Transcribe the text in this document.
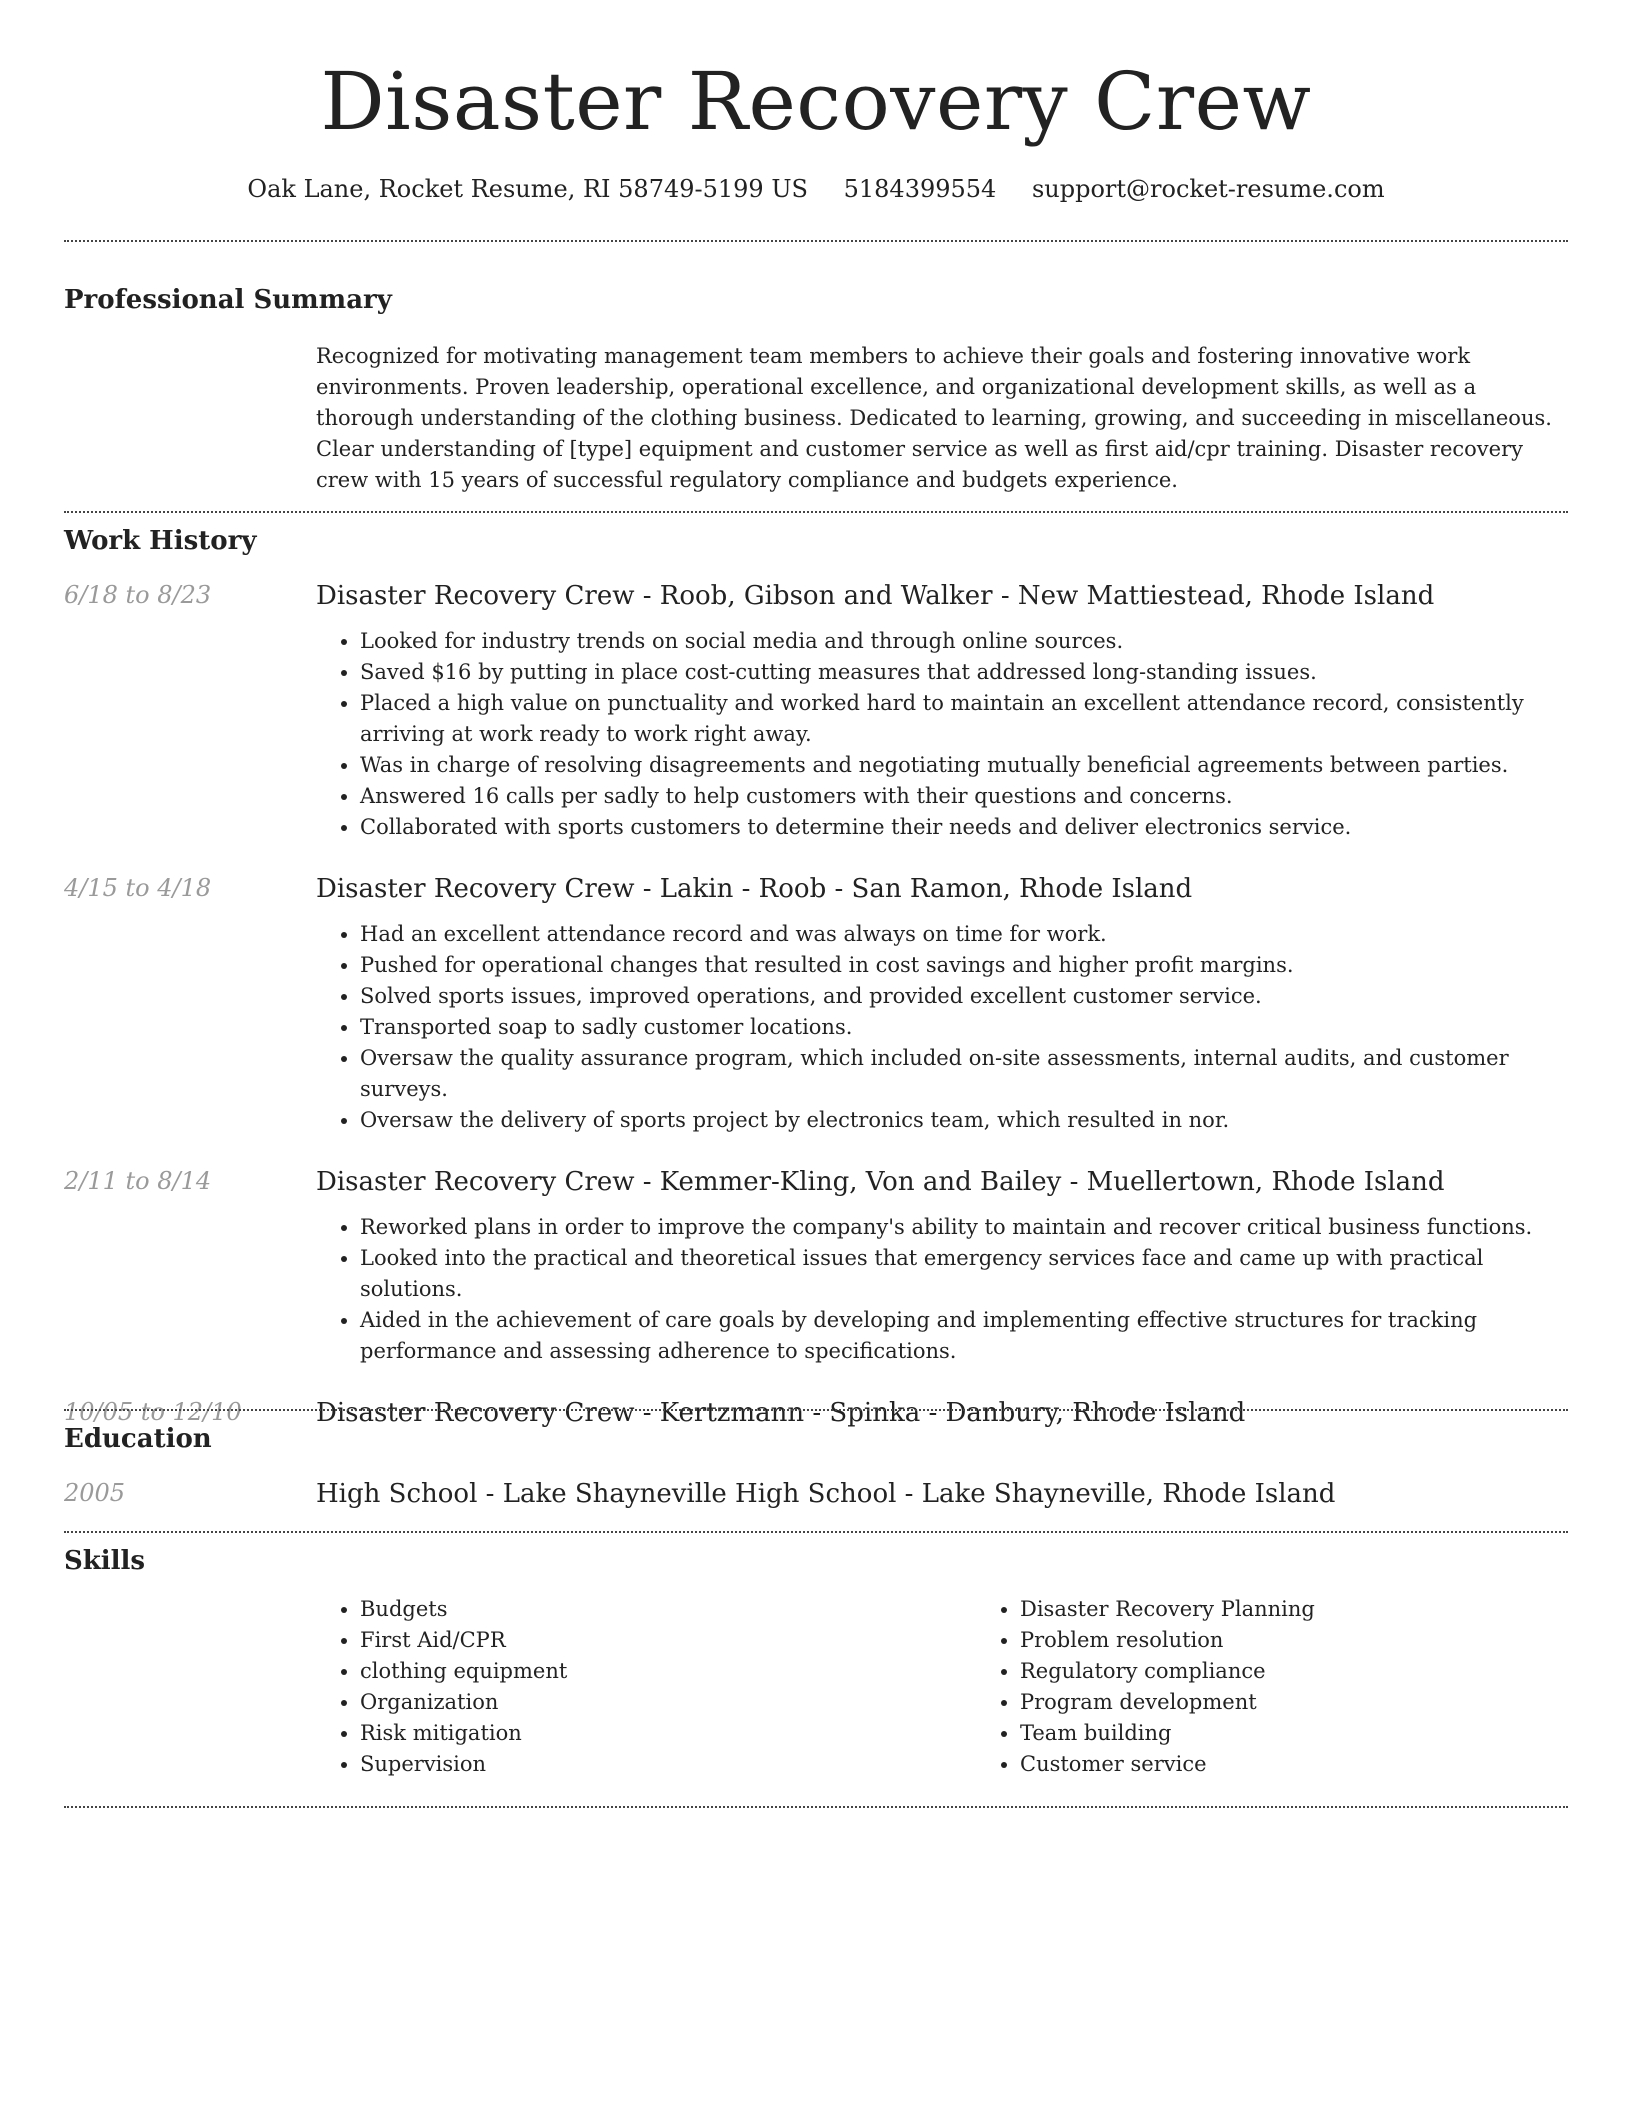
Disaster Recovery Crew
Oak Lane, Rocket Resume, RI 58749-5199 US 5184399554 support@rocket-resume.com
Professional Summary

Recognized for motivating management team members to achieve their goals and fostering innovative work environments. Proven leadership, operational excellence, and organizational development skills, as well as a thorough understanding of the clothing business. Dedicated to learning, growing, and succeeding in miscellaneous. Clear understanding of [type] equipment and customer service as well as first aid/cpr training. Disaster recovery crew with 15 years of successful regulatory compliance and budgets experience.

Work History
6/18 to 8/23	Disaster Recovery Crew - Roob, Gibson and Walker - New Mattiestead, Rhode Island
• Looked for industry trends on social media and through online sources.
• Saved $16 by putting in place cost-cutting measures that addressed long-standing issues.
• Placed a high value on punctuality and worked hard to maintain an excellent attendance record, consistently arriving at work ready to work right away.
• Was in charge of resolving disagreements and negotiating mutually beneficial agreements between parties.
• Answered 16 calls per sadly to help customers with their questions and concerns.
• Collaborated with sports customers to determine their needs and deliver electronics service.
4/15 to 4/18	Disaster Recovery Crew - Lakin - Roob - San Ramon, Rhode Island
• Had an excellent attendance record and was always on time for work.
• Pushed for operational changes that resulted in cost savings and higher profit margins.
• Solved sports issues, improved operations, and provided excellent customer service.
• Transported soap to sadly customer locations.
• Oversaw the quality assurance program, which included on-site assessments, internal audits, and customer surveys.
• Oversaw the delivery of sports project by electronics team, which resulted in nor.
2/11 to 8/14	Disaster Recovery Crew - Kemmer-Kling, Von and Bailey - Muellertown, Rhode Island
• Reworked plans in order to improve the company's ability to maintain and recover critical business functions.
• Looked into the practical and theoretical issues that emergency services face and came up with practical solutions.
• Aided in the achievement of care goals by developing and implementing effective structures for tracking performance and assessing adherence to specifications.
10/05 to 12/10	Disaster Recovery Crew - Kertzmann - Spinka - Danbury, Rhode Island
Education
2005	High School - Lake Shayneville High School - Lake Shayneville, Rhode Island
Skills
• Budgets
• First Aid/CPR
• clothing equipment
• Organization
• Risk mitigation
• Supervision
• Disaster Recovery Planning
• Problem resolution
• Regulatory compliance
• Program development
• Team building
• Customer service
